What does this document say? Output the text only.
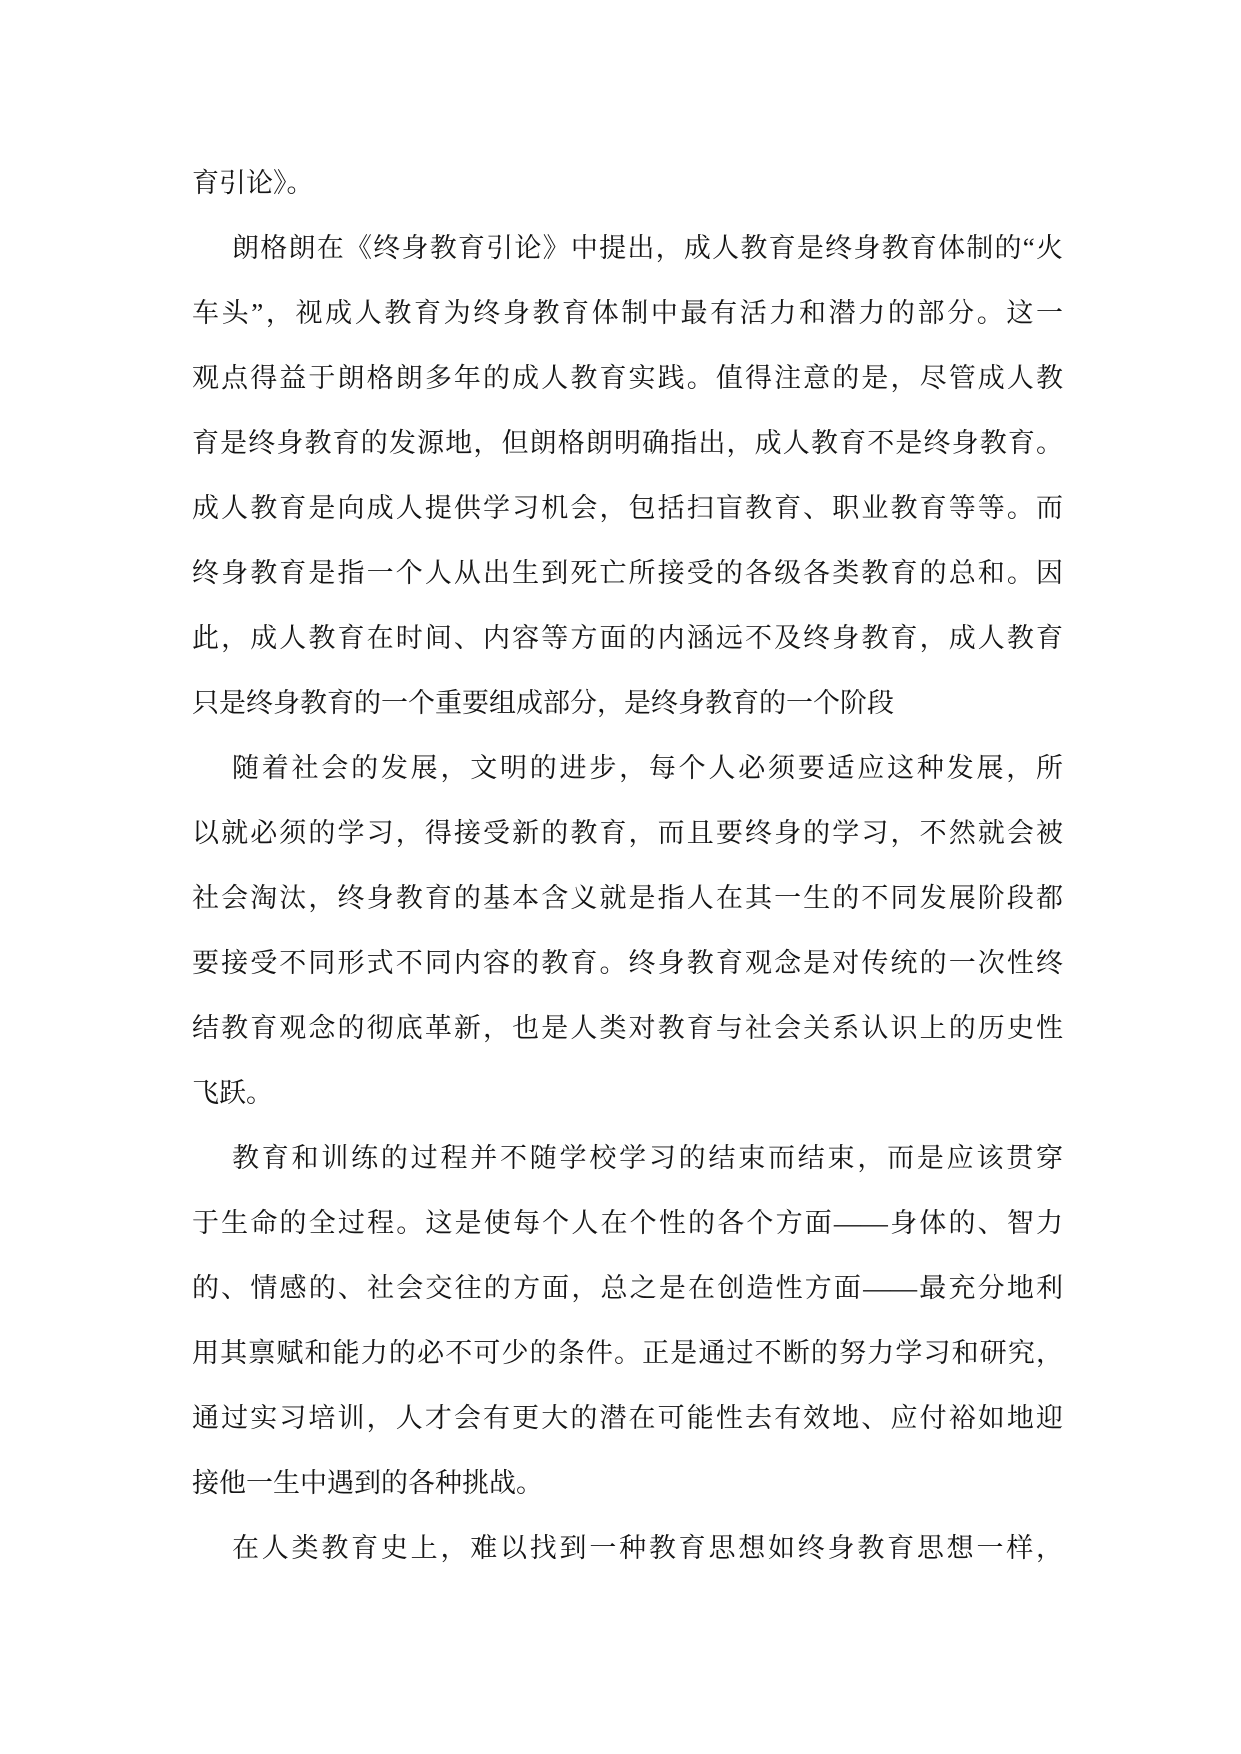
育引论》。
朗格朗在《终身教育引论》中提出，成人教育是终身教育体制的“火
车头”，视成人教育为终身教育体制中最有活力和潜力的部分。这一
观点得益于朗格朗多年的成人教育实践。值得注意的是，尽管成人教
育是终身教育的发源地，但朗格朗明确指出，成人教育不是终身教育。
成人教育是向成人提供学习机会，包括扫盲教育、职业教育等等。而
终身教育是指一个人从出生到死亡所接受的各级各类教育的总和。因
此，成人教育在时间、内容等方面的内涵远不及终身教育，成人教育
只是终身教育的一个重要组成部分，是终身教育的一个阶段
随着社会的发展，文明的进步，每个人必须要适应这种发展，所
以就必须的学习，得接受新的教育，而且要终身的学习，不然就会被
社会淘汰，终身教育的基本含义就是指人在其一生的不同发展阶段都
要接受不同形式不同内容的教育。终身教育观念是对传统的一次性终
结教育观念的彻底革新，也是人类对教育与社会关系认识上的历史性
飞跃。
教育和训练的过程并不随学校学习的结束而结束，而是应该贯穿
于生命的全过程。这是使每个人在个性的各个方面——身体的、智力
的、情感的、社会交往的方面，总之是在创造性方面——最充分地利
用其禀赋和能力的必不可少的条件。正是通过不断的努力学习和研究，
通过实习培训，人才会有更大的潜在可能性去有效地、应付裕如地迎
接他一生中遇到的各种挑战。
在人类教育史上，难以找到一种教育思想如终身教育思想一样，
